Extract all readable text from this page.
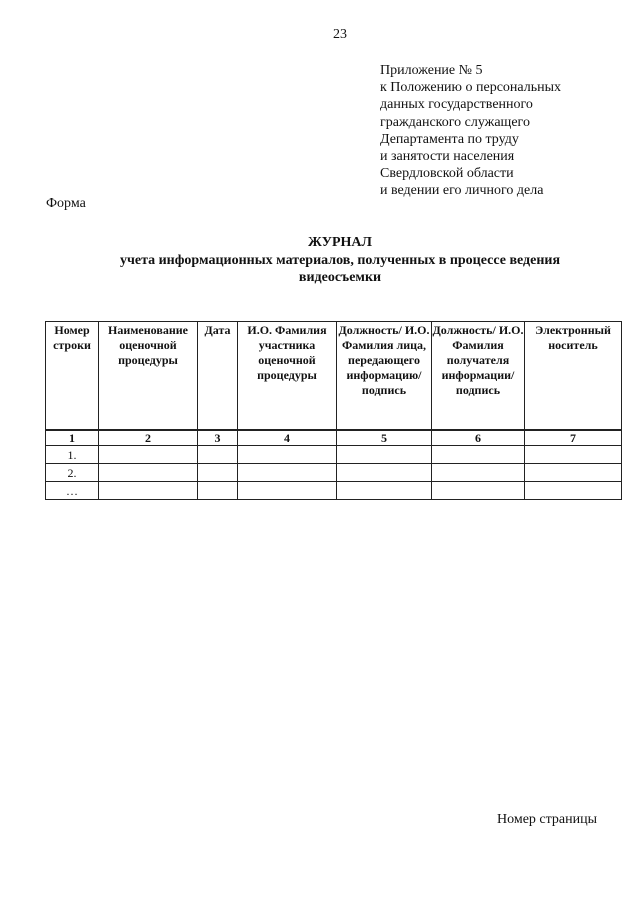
23
Приложение № 5
к Положению о персональных
данных государственного
гражданского служащего
Департамента по труду
и занятости населения
Свердловской области
и ведении его личного дела
Форма
ЖУРНАЛ
учета информационных материалов, полученных в процессе ведения
видеосъемки
Номер строки	Наименование оценочной процедуры	Дата	И.О. Фамилия участника оценочной процедуры	Должность/ И.О. Фамилия лица, передающего информацию/ подпись	Должность/ И.О. Фамилия получателя информации/ подпись	Электронный носитель
1	2	3	4	5	6	7
1.						
2.						
…						
Номер страницы
